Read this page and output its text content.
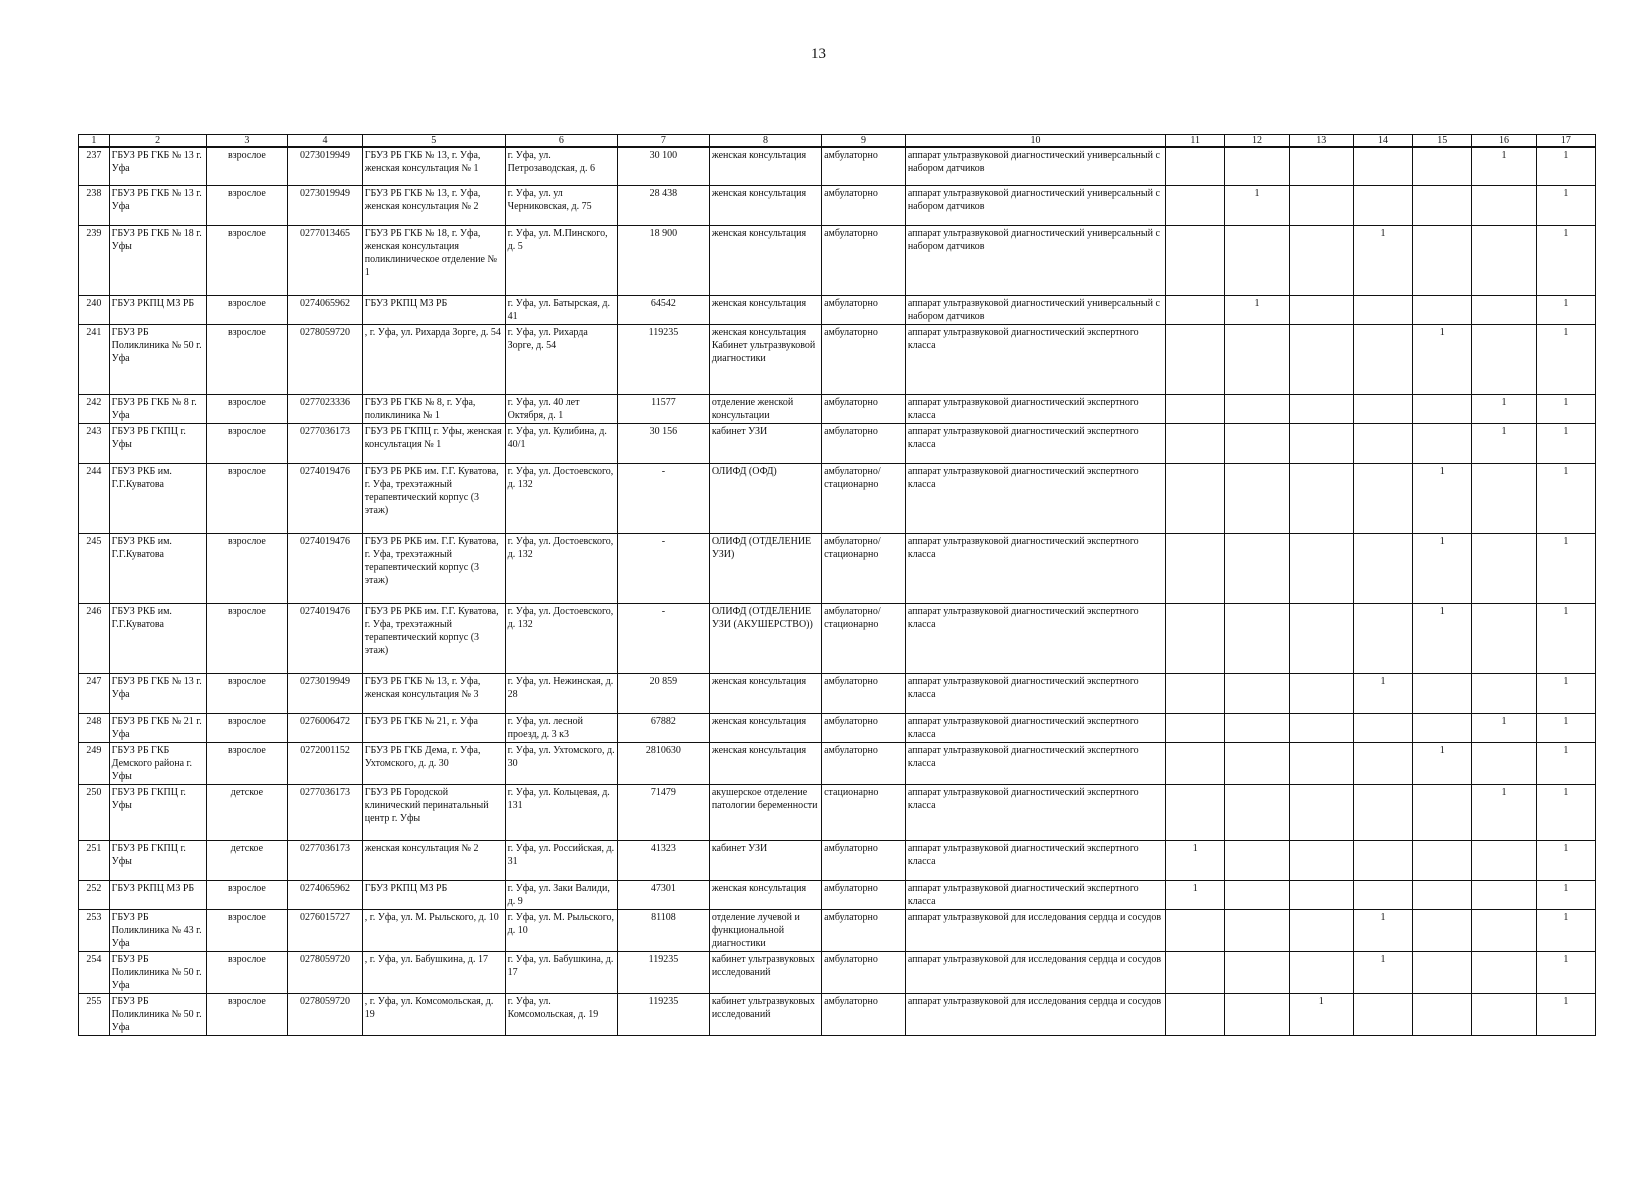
13
1	2	3	4	5	6	7	8	9	10	11	12	13	14	15	16	17
237	ГБУЗ РБ ГКБ № 13 г. Уфа	взрослое	0273019949	ГБУЗ РБ ГКБ № 13, г. Уфа, женская консультация № 1	г. Уфа, ул. Петрозаводская, д. 6	30 100	женская консультация	амбулаторно	аппарат ультразвуковой диагностический универсальный с набором датчиков						1	1
238	ГБУЗ РБ ГКБ № 13 г. Уфа	взрослое	0273019949	ГБУЗ РБ ГКБ № 13, г. Уфа, женская консультация № 2	г. Уфа, ул. ул Черниковская, д. 75	28 438	женская консультация	амбулаторно	аппарат ультразвуковой диагностический универсальный с набором датчиков		1					1
239	ГБУЗ РБ ГКБ № 18 г. Уфы	взрослое	0277013465	ГБУЗ РБ ГКБ № 18, г. Уфа, женская консультация поликлиническое отделение № 1	г. Уфа, ул. М.Пинского, д. 5	18 900	женская консультация	амбулаторно	аппарат ультразвуковой диагностический универсальный с набором датчиков				1			1
240	ГБУЗ РКПЦ МЗ РБ	взрослое	0274065962	ГБУЗ РКПЦ МЗ РБ	г. Уфа, ул. Батырская, д. 41	64542	женская консультация	амбулаторно	аппарат ультразвуковой диагностический универсальный с набором датчиков		1					1
241	ГБУЗ РБ Поликлиника № 50 г. Уфа	взрослое	0278059720	, г. Уфа, ул. Рихарда Зорге, д. 54	г. Уфа, ул. Рихарда Зорге, д. 54	119235	женская консультация Кабинет ультразвуковой диагностики	амбулаторно	аппарат ультразвуковой диагностический экспертного класса					1		1
242	ГБУЗ РБ ГКБ № 8 г. Уфа	взрослое	0277023336	ГБУЗ РБ ГКБ № 8, г. Уфа, поликлиника № 1	г. Уфа, ул. 40 лет Октября, д. 1	11577	отделение женской консультации	амбулаторно	аппарат ультразвуковой диагностический экспертного класса						1	1
243	ГБУЗ РБ ГКПЦ г. Уфы	взрослое	0277036173	ГБУЗ РБ ГКПЦ г. Уфы, женская консультация № 1	г. Уфа, ул. Кулибина, д. 40/1	30 156	кабинет УЗИ	амбулаторно	аппарат ультразвуковой диагностический экспертного класса						1	1
244	ГБУЗ РКБ им. Г.Г.Куватова	взрослое	0274019476	ГБУЗ РБ РКБ им. Г.Г. Куватова, г. Уфа, трехэтажный терапевтический корпус (3 этаж)	г. Уфа, ул. Достоевского, д. 132	-	ОЛИФД (ОФД)	амбулаторно/ стационарно	аппарат ультразвуковой диагностический экспертного класса					1		1
245	ГБУЗ РКБ им. Г.Г.Куватова	взрослое	0274019476	ГБУЗ РБ РКБ им. Г.Г. Куватова, г. Уфа, трехэтажный терапевтический корпус (3 этаж)	г. Уфа, ул. Достоевского, д. 132	-	ОЛИФД (ОТДЕЛЕНИЕ УЗИ)	амбулаторно/ стационарно	аппарат ультразвуковой диагностический экспертного класса					1		1
246	ГБУЗ РКБ им. Г.Г.Куватова	взрослое	0274019476	ГБУЗ РБ РКБ им. Г.Г. Куватова, г. Уфа, трехэтажный терапевтический корпус (3 этаж)	г. Уфа, ул. Достоевского, д. 132	-	ОЛИФД (ОТДЕЛЕНИЕ УЗИ (АКУШЕРСТВО))	амбулаторно/ стационарно	аппарат ультразвуковой диагностический экспертного класса					1		1
247	ГБУЗ РБ ГКБ № 13 г. Уфа	взрослое	0273019949	ГБУЗ РБ ГКБ № 13, г. Уфа, женская консультация № 3	г. Уфа, ул. Нежинская, д. 28	20 859	женская консультация	амбулаторно	аппарат ультразвуковой диагностический экспертного класса				1			1
248	ГБУЗ РБ ГКБ № 21 г. Уфа	взрослое	0276006472	ГБУЗ РБ ГКБ № 21, г. Уфа	г. Уфа, ул. лесной проезд, д. 3 к3	67882	женская консультация	амбулаторно	аппарат ультразвуковой диагностический экспертного класса						1	1
249	ГБУЗ РБ ГКБ Демского района г. Уфы	взрослое	0272001152	ГБУЗ РБ ГКБ Дема, г. Уфа, Ухтомского, д. д. 30	г. Уфа, ул. Ухтомского, д. 30	2810630	женская консультация	амбулаторно	аппарат ультразвуковой диагностический экспертного класса					1		1
250	ГБУЗ РБ ГКПЦ г. Уфы	детское	0277036173	ГБУЗ РБ Городской клинический перинатальный центр г. Уфы	г. Уфа, ул. Кольцевая, д. 131	71479	акушерское отделение патологии беременности	стационарно	аппарат ультразвуковой диагностический экспертного класса						1	1
251	ГБУЗ РБ ГКПЦ г. Уфы	детское	0277036173	женская консультация № 2	г. Уфа, ул. Российская, д. 31	41323	кабинет УЗИ	амбулаторно	аппарат ультразвуковой диагностический экспертного класса	1						1
252	ГБУЗ РКПЦ МЗ РБ	взрослое	0274065962	ГБУЗ РКПЦ МЗ РБ	г. Уфа, ул. Заки Валиди, д. 9	47301	женская консультация	амбулаторно	аппарат ультразвуковой диагностический экспертного класса	1						1
253	ГБУЗ РБ Поликлиника № 43 г. Уфа	взрослое	0276015727	, г. Уфа, ул. М. Рыльского, д. 10	г. Уфа, ул. М. Рыльского, д. 10	81108	отделение лучевой и функциональной диагностики	амбулаторно	аппарат ультразвуковой для исследования сердца и сосудов				1			1
254	ГБУЗ РБ Поликлиника № 50 г. Уфа	взрослое	0278059720	, г. Уфа, ул. Бабушкина, д. 17	г. Уфа, ул. Бабушкина, д. 17	119235	кабинет ультразвуковых исследований	амбулаторно	аппарат ультразвуковой для исследования сердца и сосудов				1			1
255	ГБУЗ РБ Поликлиника № 50 г. Уфа	взрослое	0278059720	, г. Уфа, ул. Комсомольская, д. 19	г. Уфа, ул. Комсомольская, д. 19	119235	кабинет ультразвуковых исследований	амбулаторно	аппарат ультразвуковой для исследования сердца и сосудов			1				1
